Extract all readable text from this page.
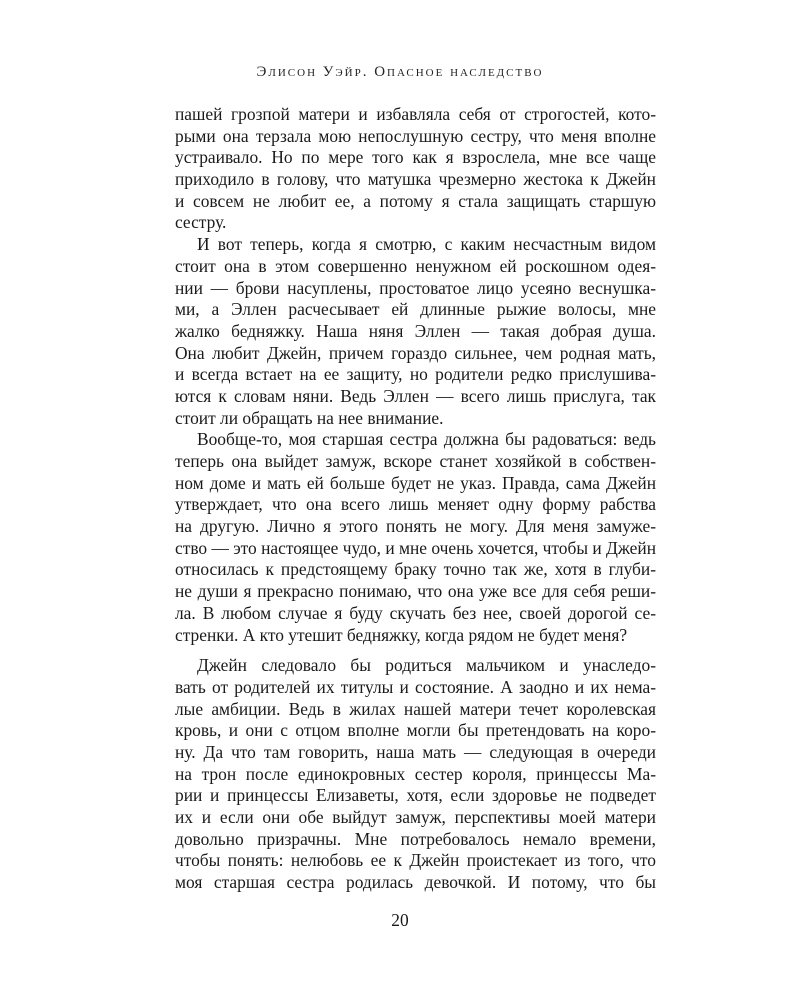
Элисон Уэйр. Опасное наследство
пашей грозпой матери и избавляла себя от строгостей, кото-
рыми она терзала мою непослушную сестру, что меня вполне
устраивало. Но по мере того как я взрослела, мне все чаще
приходило в голову, что матушка чрезмерно жестока к Джейн
и совсем не любит ее, а потому я стала защищать старшую
сестру.
И вот теперь, когда я смотрю, с каким несчастным видом
стоит она в этом совершенно ненужном ей роскошном одея-
нии — брови насуплены, простоватое лицо усеяно веснушка-
ми, а Эллен расчесывает ей длинные рыжие волосы, мне
жалко бедняжку. Наша няня Эллен — такая добрая душа.
Она любит Джейн, причем гораздо сильнее, чем родная мать,
и всегда встает на ее защиту, но родители редко прислушива-
ются к словам няни. Ведь Эллен — всего лишь прислуга, так
стоит ли обращать на нее внимание.
Вообще-то, моя старшая сестра должна бы радоваться: ведь
теперь она выйдет замуж, вскоре станет хозяйкой в собствен-
ном доме и мать ей больше будет не указ. Правда, сама Джейн
утверждает, что она всего лишь меняет одну форму рабства
на другую. Лично я этого понять не могу. Для меня замуже-
ство — это настоящее чудо, и мне очень хочется, чтобы и Джейн
относилась к предстоящему браку точно так же, хотя в глуби-
не души я прекрасно понимаю, что она уже все для себя реши-
ла. В любом случае я буду скучать без нее, своей дорогой се-
стренки. А кто утешит бедняжку, когда рядом не будет меня?
Джейн следовало бы родиться мальчиком и унаследо-
вать от родителей их титулы и состояние. А заодно и их нема-
лые амбиции. Ведь в жилах нашей матери течет королевская
кровь, и они с отцом вполне могли бы претендовать на коро-
ну. Да что там говорить, наша мать — следующая в очереди
на трон после единокровных сестер короля, принцессы Ма-
рии и принцессы Елизаветы, хотя, если здоровье не подведет
их и если они обе выйдут замуж, перспективы моей матери
довольно призрачны. Мне потребовалось немало времени,
чтобы понять: нелюбовь ее к Джейн проистекает из того, что
моя старшая сестра родилась девочкой. И потому, что бы
20
